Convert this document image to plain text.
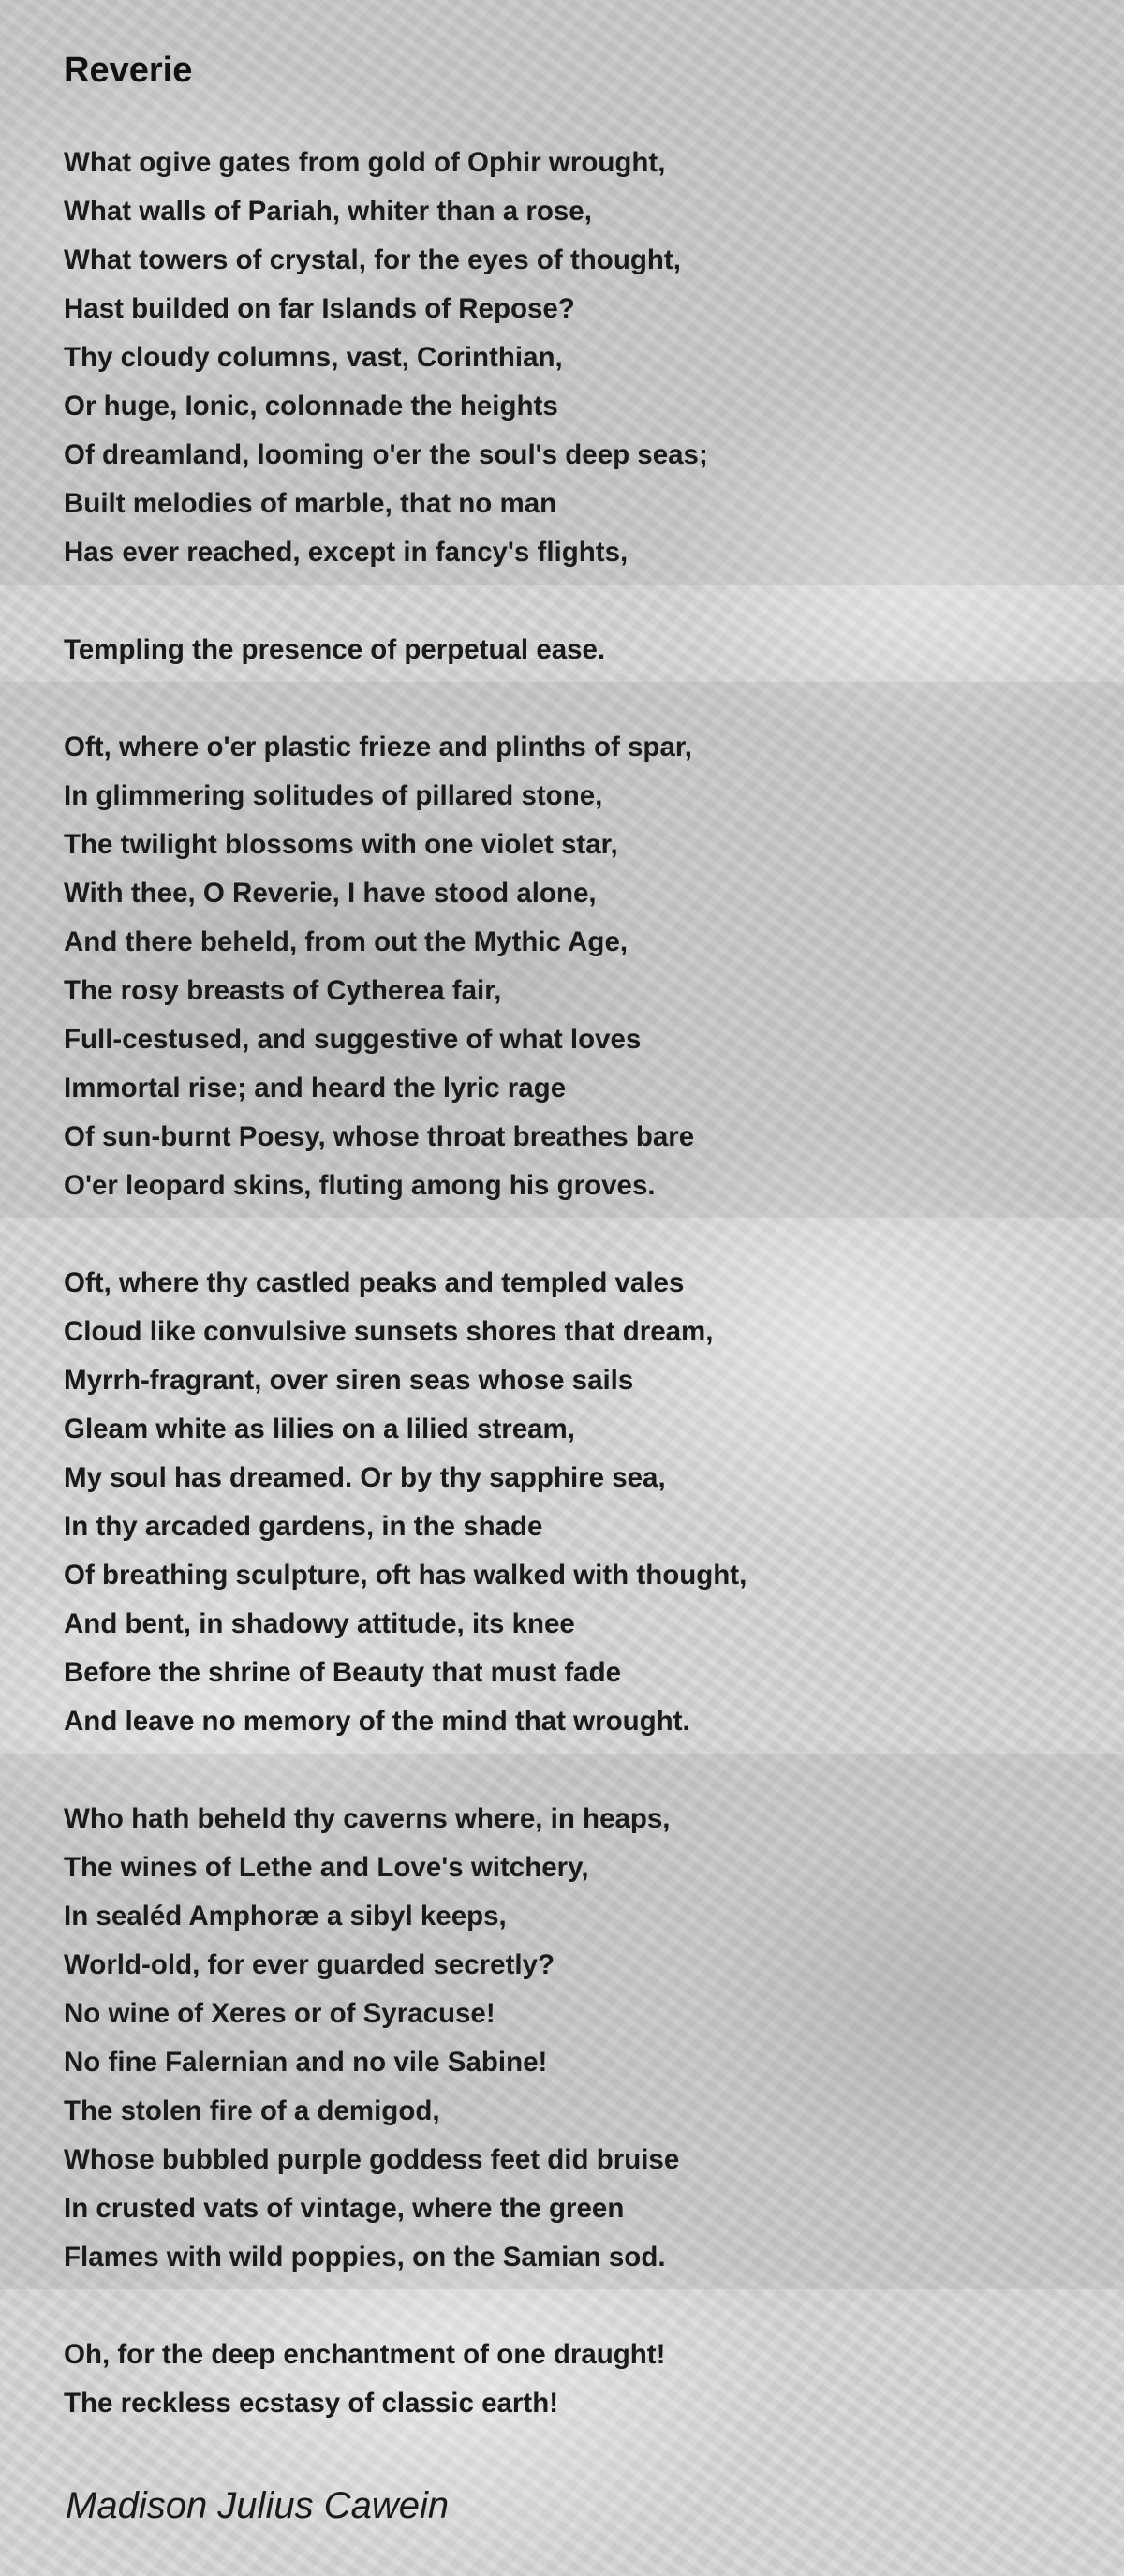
Reverie
What ogive gates from gold of Ophir wrought,
What walls of Pariah, whiter than a rose,
What towers of crystal, for the eyes of thought,
Hast builded on far Islands of Repose?
Thy cloudy columns, vast, Corinthian,
Or huge, Ionic, colonnade the heights
Of dreamland, looming o'er the soul's deep seas;
Built melodies of marble, that no man
Has ever reached, except in fancy's flights,
Templing the presence of perpetual ease.
Oft, where o'er plastic frieze and plinths of spar,
In glimmering solitudes of pillared stone,
The twilight blossoms with one violet star,
With thee, O Reverie, I have stood alone,
And there beheld, from out the Mythic Age,
The rosy breasts of Cytherea fair,
Full-cestused, and suggestive of what loves
Immortal rise; and heard the lyric rage
Of sun-burnt Poesy, whose throat breathes bare
O'er leopard skins, fluting among his groves.
Oft, where thy castled peaks and templed vales
Cloud like convulsive sunsets shores that dream,
Myrrh-fragrant, over siren seas whose sails
Gleam white as lilies on a lilied stream,
My soul has dreamed. Or by thy sapphire sea,
In thy arcaded gardens, in the shade
Of breathing sculpture, oft has walked with thought,
And bent, in shadowy attitude, its knee
Before the shrine of Beauty that must fade
And leave no memory of the mind that wrought.
Who hath beheld thy caverns where, in heaps,
The wines of Lethe and Love's witchery,
In sealéd Amphoræ a sibyl keeps,
World-old, for ever guarded secretly?
No wine of Xeres or of Syracuse!
No fine Falernian and no vile Sabine!
The stolen fire of a demigod,
Whose bubbled purple goddess feet did bruise
In crusted vats of vintage, where the green
Flames with wild poppies, on the Samian sod.
Oh, for the deep enchantment of one draught!
The reckless ecstasy of classic earth!

Madison Julius Cawein
